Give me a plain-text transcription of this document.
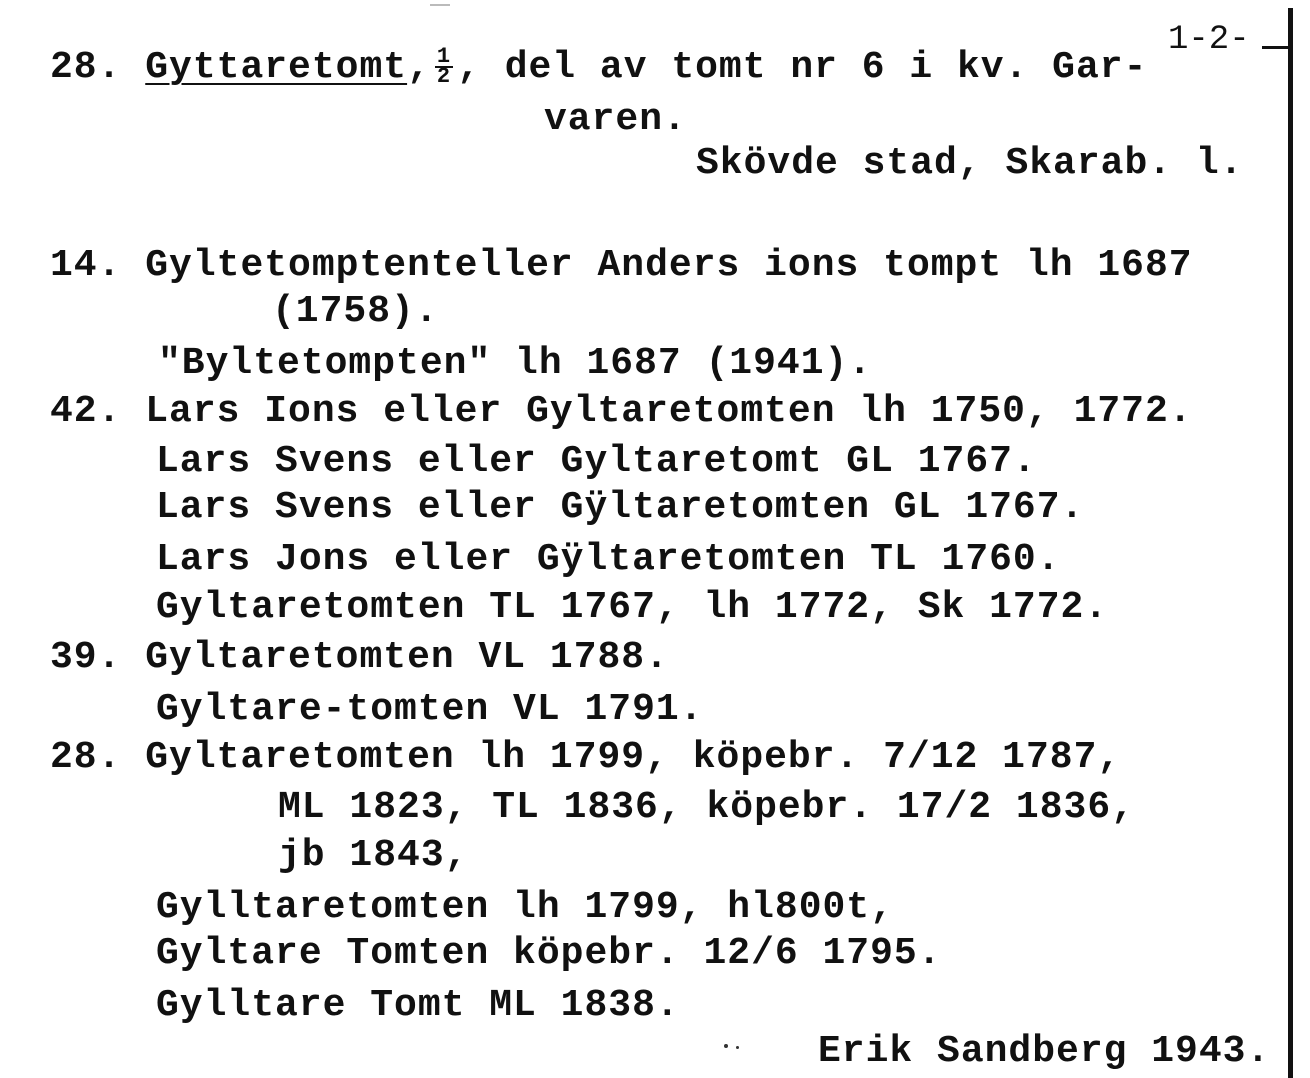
1-2-
28. Gyttaretomt, $\frac{1}{2}$ , del av tomt nr 6 i kv. Gar-
varen.
Skövde stad, Skarab. l.
14. Gyltetomptenteller Anders ions tompt lh 1687
(1758).
"Byltetompten" lh 1687 (1941).
42. Lars Ions eller Gyltaretomten lh 1750, 1772.
Lars Svens eller Gyltaretomt GL 1767.
Lars Svens eller Gÿltaretomten GL 1767.
Lars Jons eller Gÿltaretomten TL 1760.
Gyltaretomten TL 1767, lh 1772, Sk 1772.
39. Gyltaretomten VL 1788.
Gyltare-tomten VL 1791.
28. Gyltaretomten lh 1799, köpebr. 7/12 1787,
ML 1823, TL 1836, köpebr. 17/2 1836,
jb 1843,
Gylltaretomten lh 1799, hl800t,
Gyltare Tomten köpebr. 12/6 1795.
Gylltare Tomt ML 1838.
Erik Sandberg 1943.
